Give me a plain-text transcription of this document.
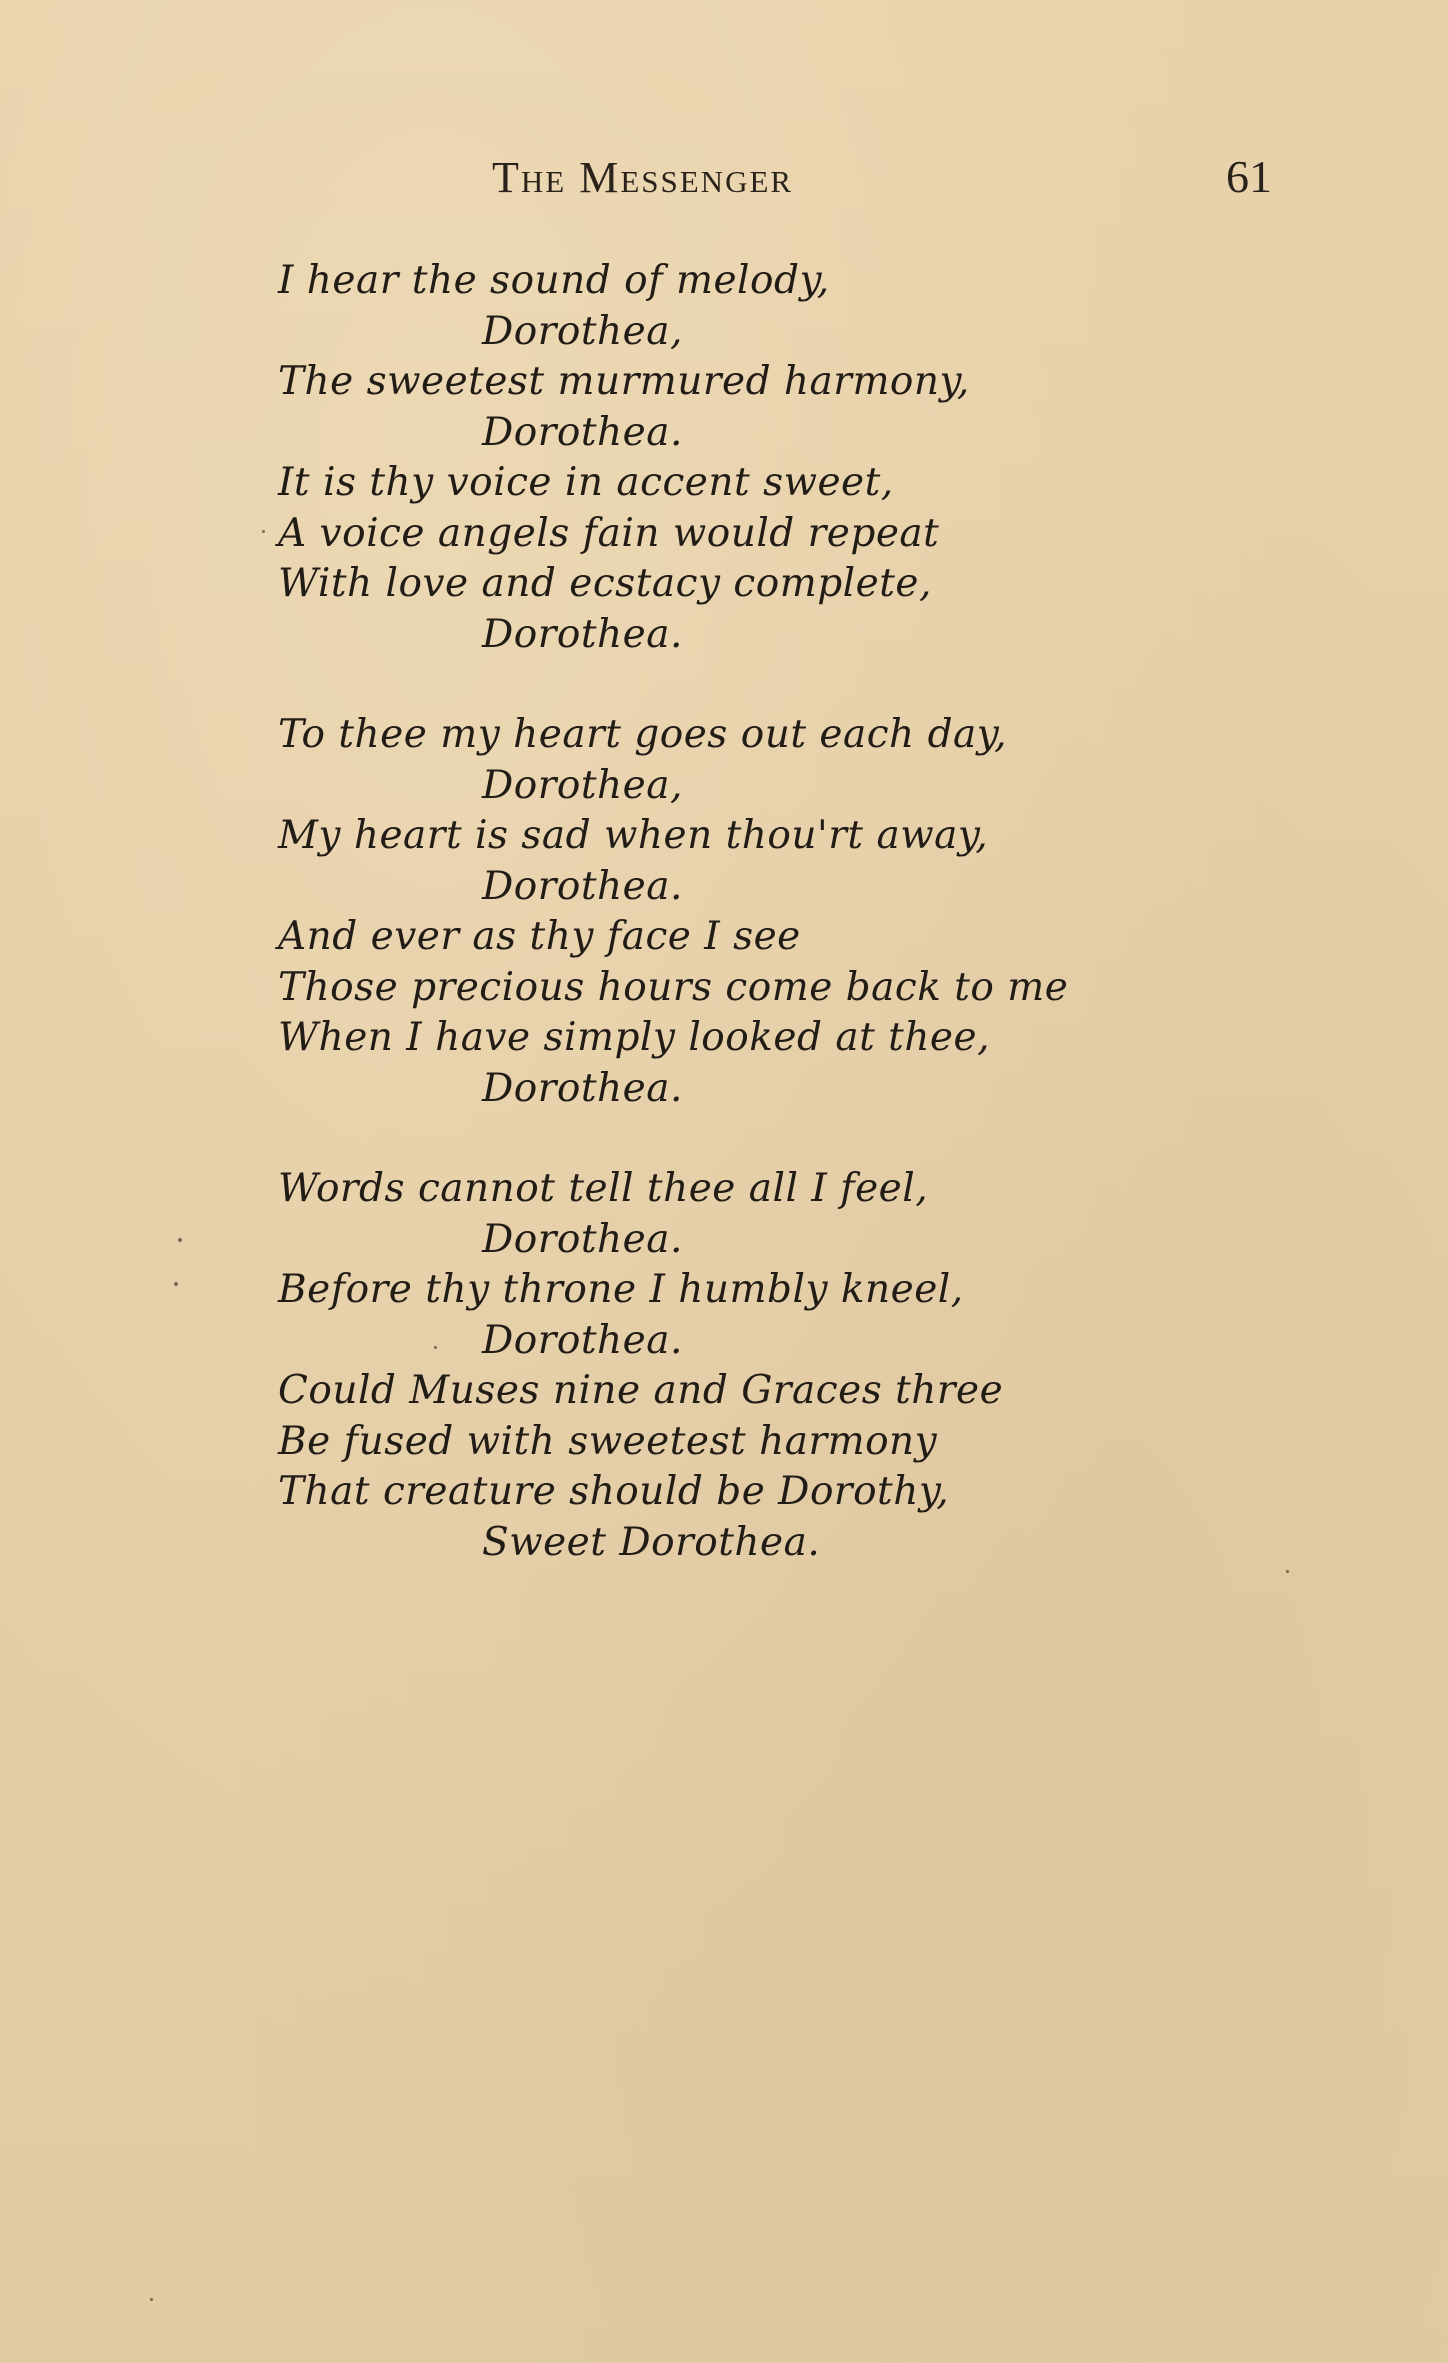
The Messenger	61
I hear the sound of melody,
Dorothea,
The sweetest murmured harmony,
Dorothea.
It is thy voice in accent sweet,
A voice angels fain would repeat
With love and ecstacy complete,
Dorothea.
To thee my heart goes out each day,
Dorothea,
My heart is sad when thou'rt away,
Dorothea.
And ever as thy face I see
Those precious hours come back to me
When I have simply looked at thee,
Dorothea.
Words cannot tell thee all I feel,
Dorothea.
Before thy throne I humbly kneel,
Dorothea.
Could Muses nine and Graces three
Be fused with sweetest harmony
That creature should be Dorothy,
Sweet Dorothea.
